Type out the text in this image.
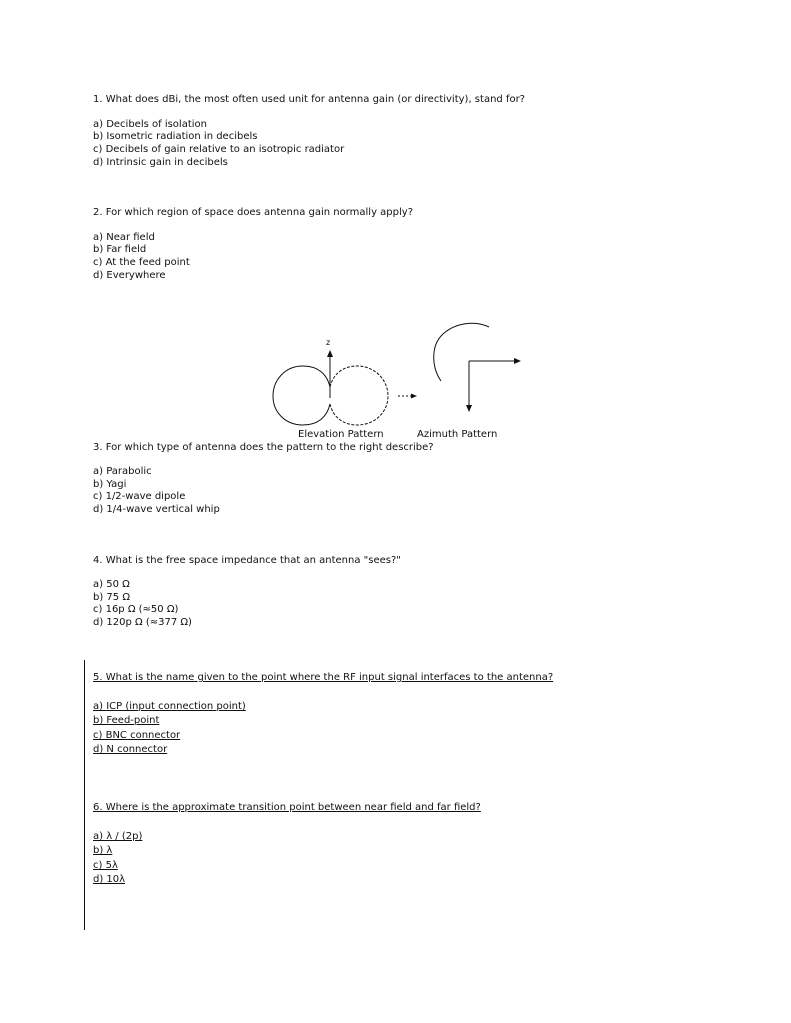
1. What does dBi, the most often used unit for antenna gain (or directivity), stand for?
a) Decibels of isolation
b) Isometric radiation in decibels
c) Decibels of gain relative to an isotropic radiator
d) Intrinsic gain in decibels
2. For which region of space does antenna gain normally apply?
a) Near field
b) Far field
c) At the feed point
d) Everywhere
z
Elevation Pattern	Azimuth Pattern
3. For which type of antenna does the pattern to the right describe?
a) Parabolic
b) Yagi
c) 1/2-wave dipole
d) 1/4-wave vertical whip
4. What is the free space impedance that an antenna "sees?"
a) 50 Ω
b) 75 Ω
c) 16p Ω (≈50 Ω)
d) 120p Ω (≈377 Ω)
5. What is the name given to the point where the RF input signal interfaces to the antenna?
a) ICP (input connection point)
b) Feed-point
c) BNC connector
d) N connector
6. Where is the approximate transition point between near field and far field?
a) λ / (2p)
b) λ
c) 5λ
d) 10λ
